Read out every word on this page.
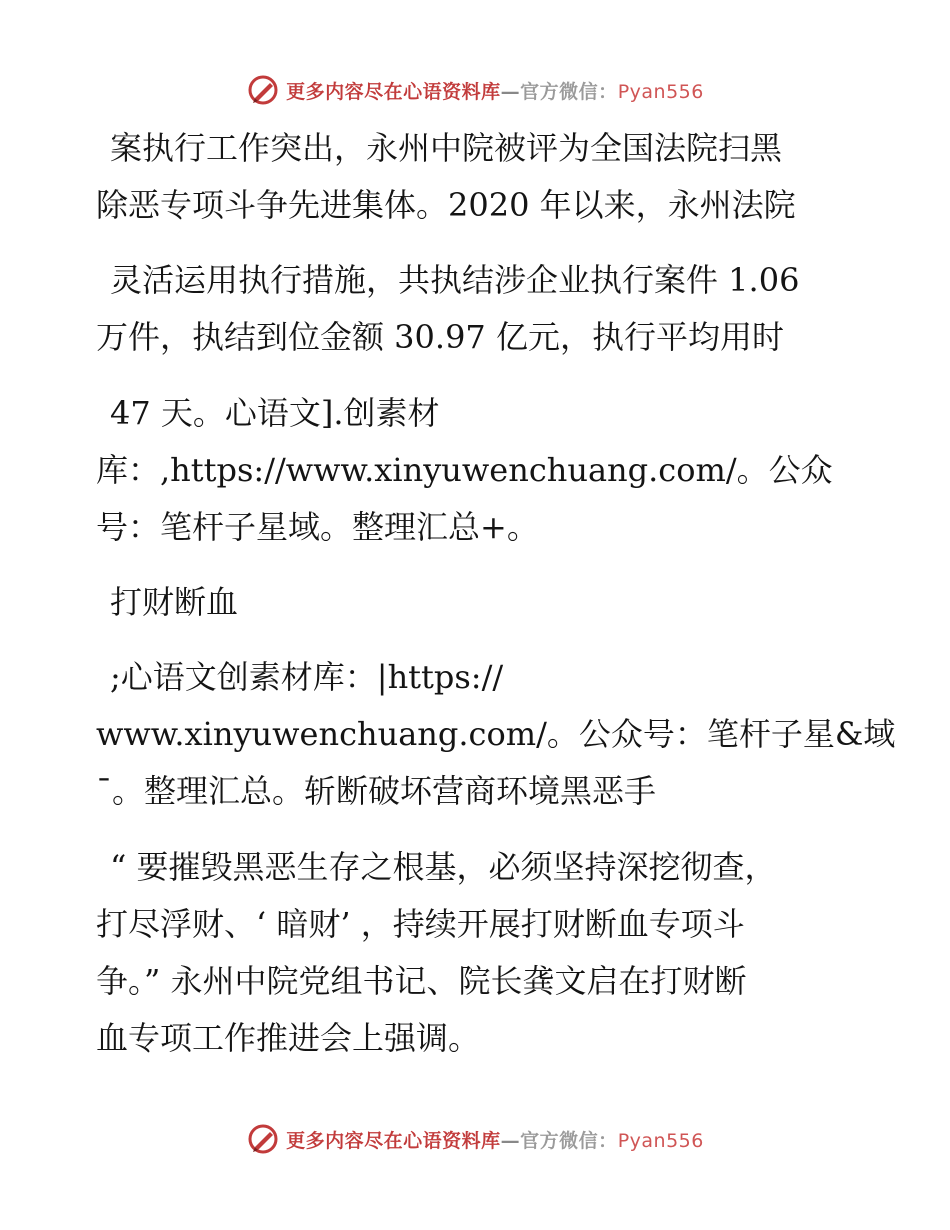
更多内容尽在心语资料库—官方微信：Pyan556
案执行工作突出，永州中院被评为全国法院扫黑
除恶专项斗争先进集体。2020 年以来，永州法院
灵活运用执行措施，共执结涉企业执行案件 1.06
万件，执结到位金额 30.97 亿元，执行平均用时
47 天。心语文].创素材
库：,https://www.xinyuwenchuang.com/。公众
号：笔杆子星域。整理汇总+。
打财断血
;心语文创素材库：|https://
www.xinyuwenchuang.com/。公众号：笔杆子星&域
¯。整理汇总。斩断破坏营商环境黑恶手
“ 要摧毁黑恶生存之根基，必须坚持深挖彻查，
打尽浮财、‘ 暗财’ ，持续开展打财断血专项斗
争。” 永州中院党组书记、院长龚文启在打财断
血专项工作推进会上强调。
更多内容尽在心语资料库—官方微信：Pyan556
